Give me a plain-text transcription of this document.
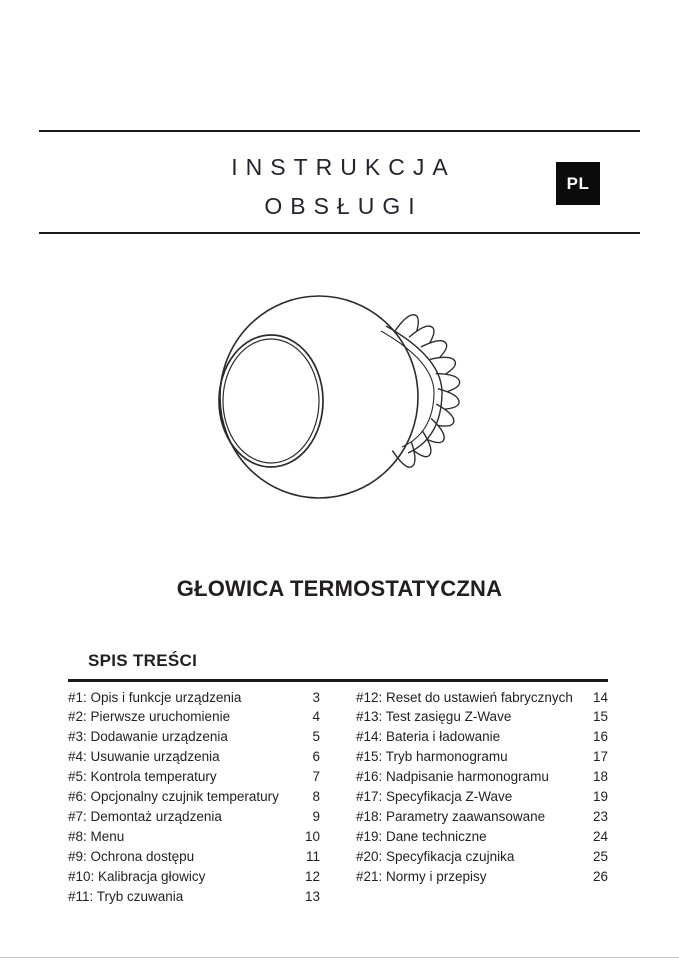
INSTRUKCJA
OBSŁUGI
PL
GŁOWICA TERMOSTATYCZNA
SPIS TREŚCI
#1: Opis i funkcje urządzenia	3
#2: Pierwsze uruchomienie	4
#3: Dodawanie urządzenia	5
#4: Usuwanie urządzenia	6
#5: Kontrola temperatury	7
#6: Opcjonalny czujnik temperatury 8
#7: Demontaż urządzenia	9
#8: Menu	10
#9: Ochrona dostępu	11
#10: Kalibracja głowicy	12
#11: Tryb czuwania	13
#12: Reset do ustawień fabrycznych 14
#13: Test zasięgu Z-Wave	15
#14: Bateria i ładowanie	16
#15: Tryb harmonogramu	17
#16: Nadpisanie harmonogramu	18
#17: Specyfikacja Z-Wave	19
#18: Parametry zaawansowane	23
#19: Dane techniczne	24
#20: Specyfikacja czujnika	25
#21: Normy i przepisy	26
